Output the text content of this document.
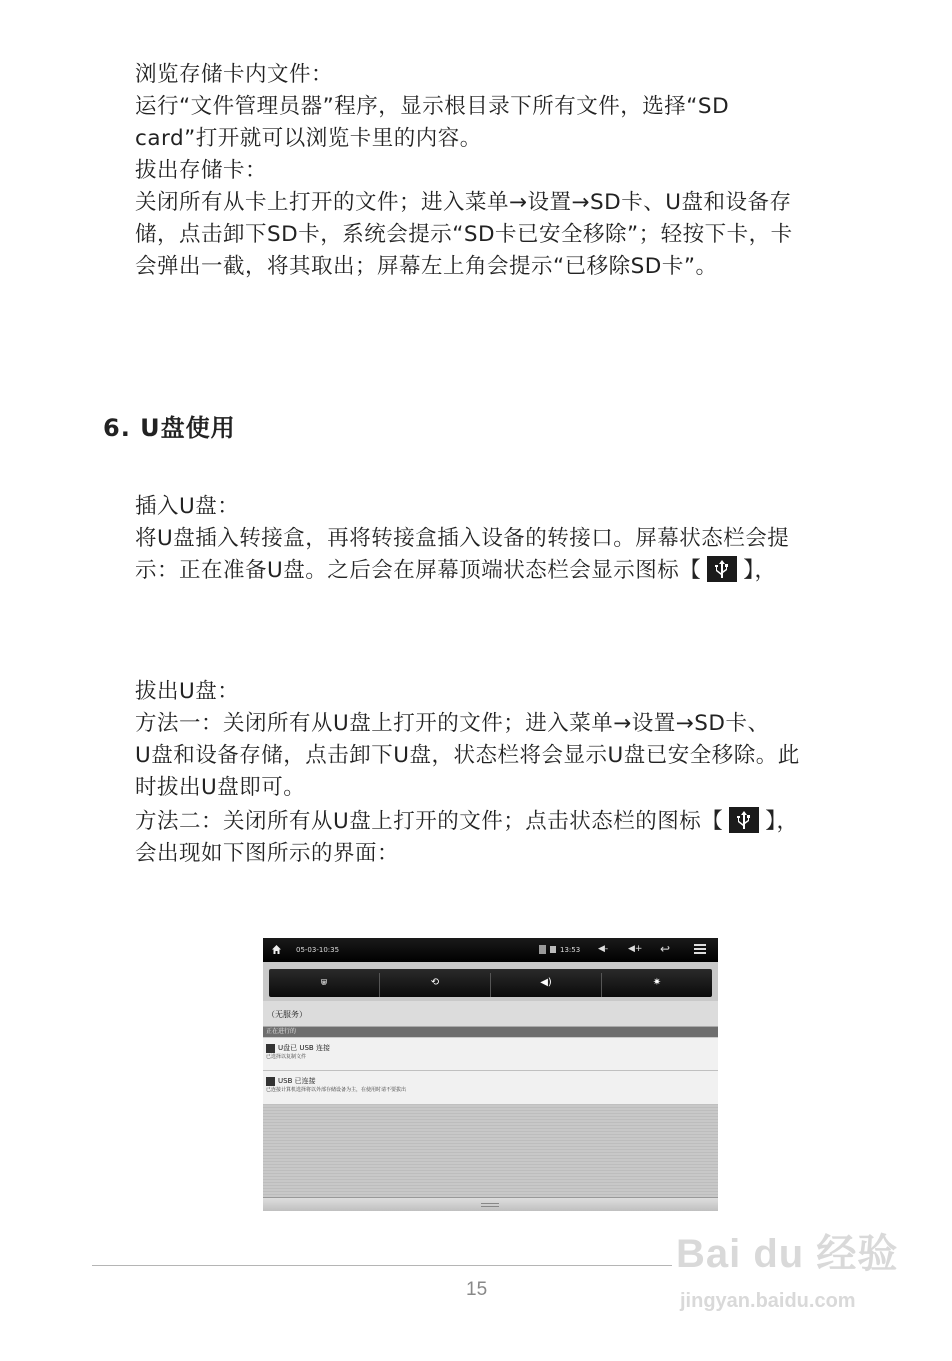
浏览存储卡内文件：

运行“文件管理员器”程序，显示根目录下所有文件，选择“SD

card”打开就可以浏览卡里的内容。

拔出存储卡：

关闭所有从卡上打开的文件；进入菜单→设置→SD卡、U盘和设备存

储，点击卸下SD卡，系统会提示“SD卡已安全移除”；轻按下卡，卡

会弹出一截，将其取出；屏幕左上角会提示“已移除SD卡”。

6. U盘使用

插入U盘：

将U盘插入转接盒，再将转接盒插入设备的转接口。屏幕状态栏会提

示：正在准备U盘。之后会在屏幕顶端状态栏会显示图标【 】，

拔出U盘：

方法一：关闭所有从U盘上打开的文件；进入菜单→设置→SD卡、

U盘和设备存储，点击卸下U盘，状态栏将会显示U盘已安全移除。此

时拔出U盘即可。

方法二：关闭所有从U盘上打开的文件；点击状态栏的图标【 】，

会出现如下图所示的界面：

05-03-10:35	13:53 ◀- ◀+ ↩
⩐	⟲	◀)	✷
（无服务）
正在进行的
U盘已 USB 连接
已选择以复制文件
USB 已连接
已连接计算机选择将以外部存储设备为主，在使用时请不要拔出
15
Bai du 经验
jingyan.baidu.com
